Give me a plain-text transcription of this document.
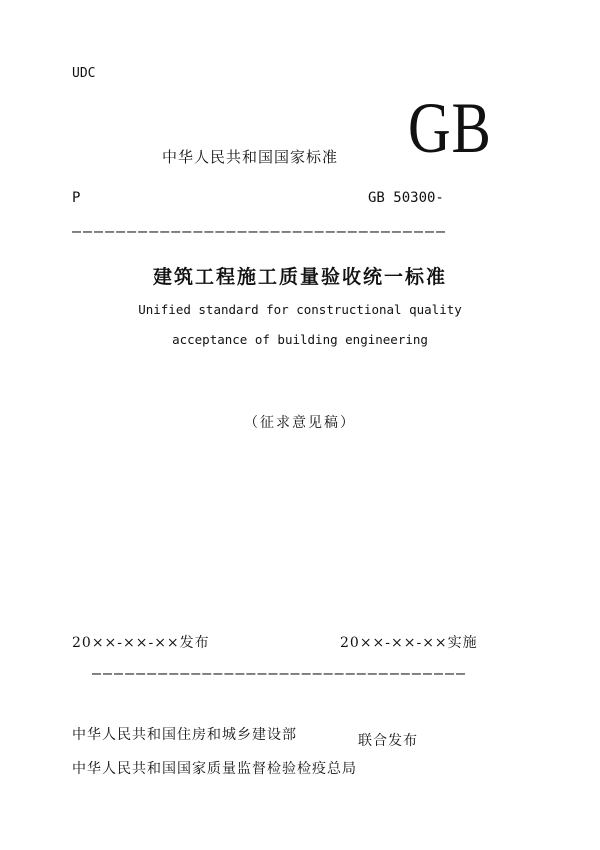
UDC
GB
中华人民共和国国家标准
P	GB 50300-
——————————————————————————————————
建筑工程施工质量验收统一标准
Unified standard for constructional quality
acceptance of building engineering
（征求意见稿）
20××-××-××发布	20××-××-××实施
——————————————————————————————————
中华人民共和国住房和城乡建设部	联合发布
中华人民共和国国家质量监督检验检疫总局
